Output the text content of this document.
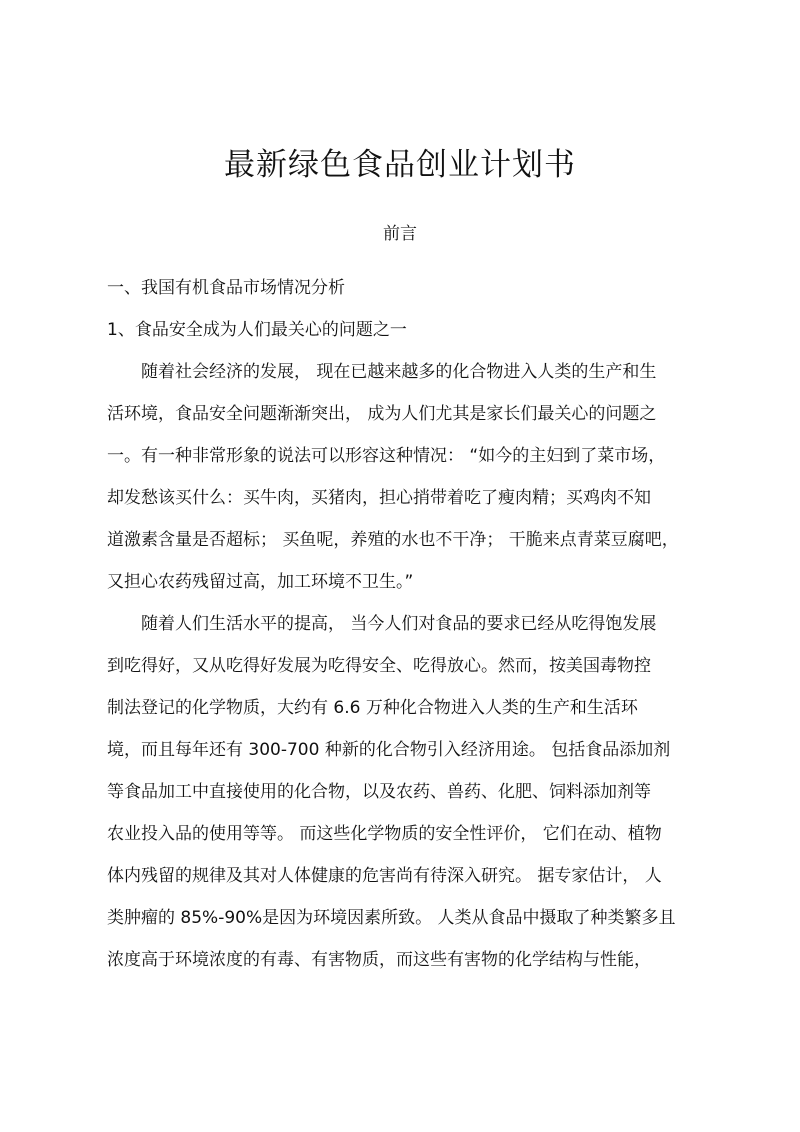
最新绿色食品创业计划书
前言
一、我国有机食品市场情况分析
1、食品安全成为人们最关心的问题之一
　　随着社会经济的发展， 现在已越来越多的化合物进入人类的生产和生
活环境，食品安全问题渐渐突出， 成为人们尤其是家长们最关心的问题之
一。有一种非常形象的说法可以形容这种情况： “如今的主妇到了菜市场，
却发愁该买什么：买牛肉，买猪肉，担心捎带着吃了瘦肉精；买鸡肉不知
道激素含量是否超标； 买鱼呢，养殖的水也不干净； 干脆来点青菜豆腐吧，
又担心农药残留过高，加工环境不卫生。”
　　随着人们生活水平的提高， 当今人们对食品的要求已经从吃得饱发展
到吃得好，又从吃得好发展为吃得安全、吃得放心。然而，按美国毒物控
制法登记的化学物质，大约有 6.6 万种化合物进入人类的生产和生活环
境，而且每年还有 300-700 种新的化合物引入经济用途。 包括食品添加剂
等食品加工中直接使用的化合物，以及农药、兽药、化肥、饲料添加剂等
农业投入品的使用等等。 而这些化学物质的安全性评价， 它们在动、植物
体内残留的规律及其对人体健康的危害尚有待深入研究。 据专家估计， 人
类肿瘤的 85%-90%是因为环境因素所致。 人类从食品中摄取了种类繁多且
浓度高于环境浓度的有毒、有害物质，而这些有害物的化学结构与性能，
